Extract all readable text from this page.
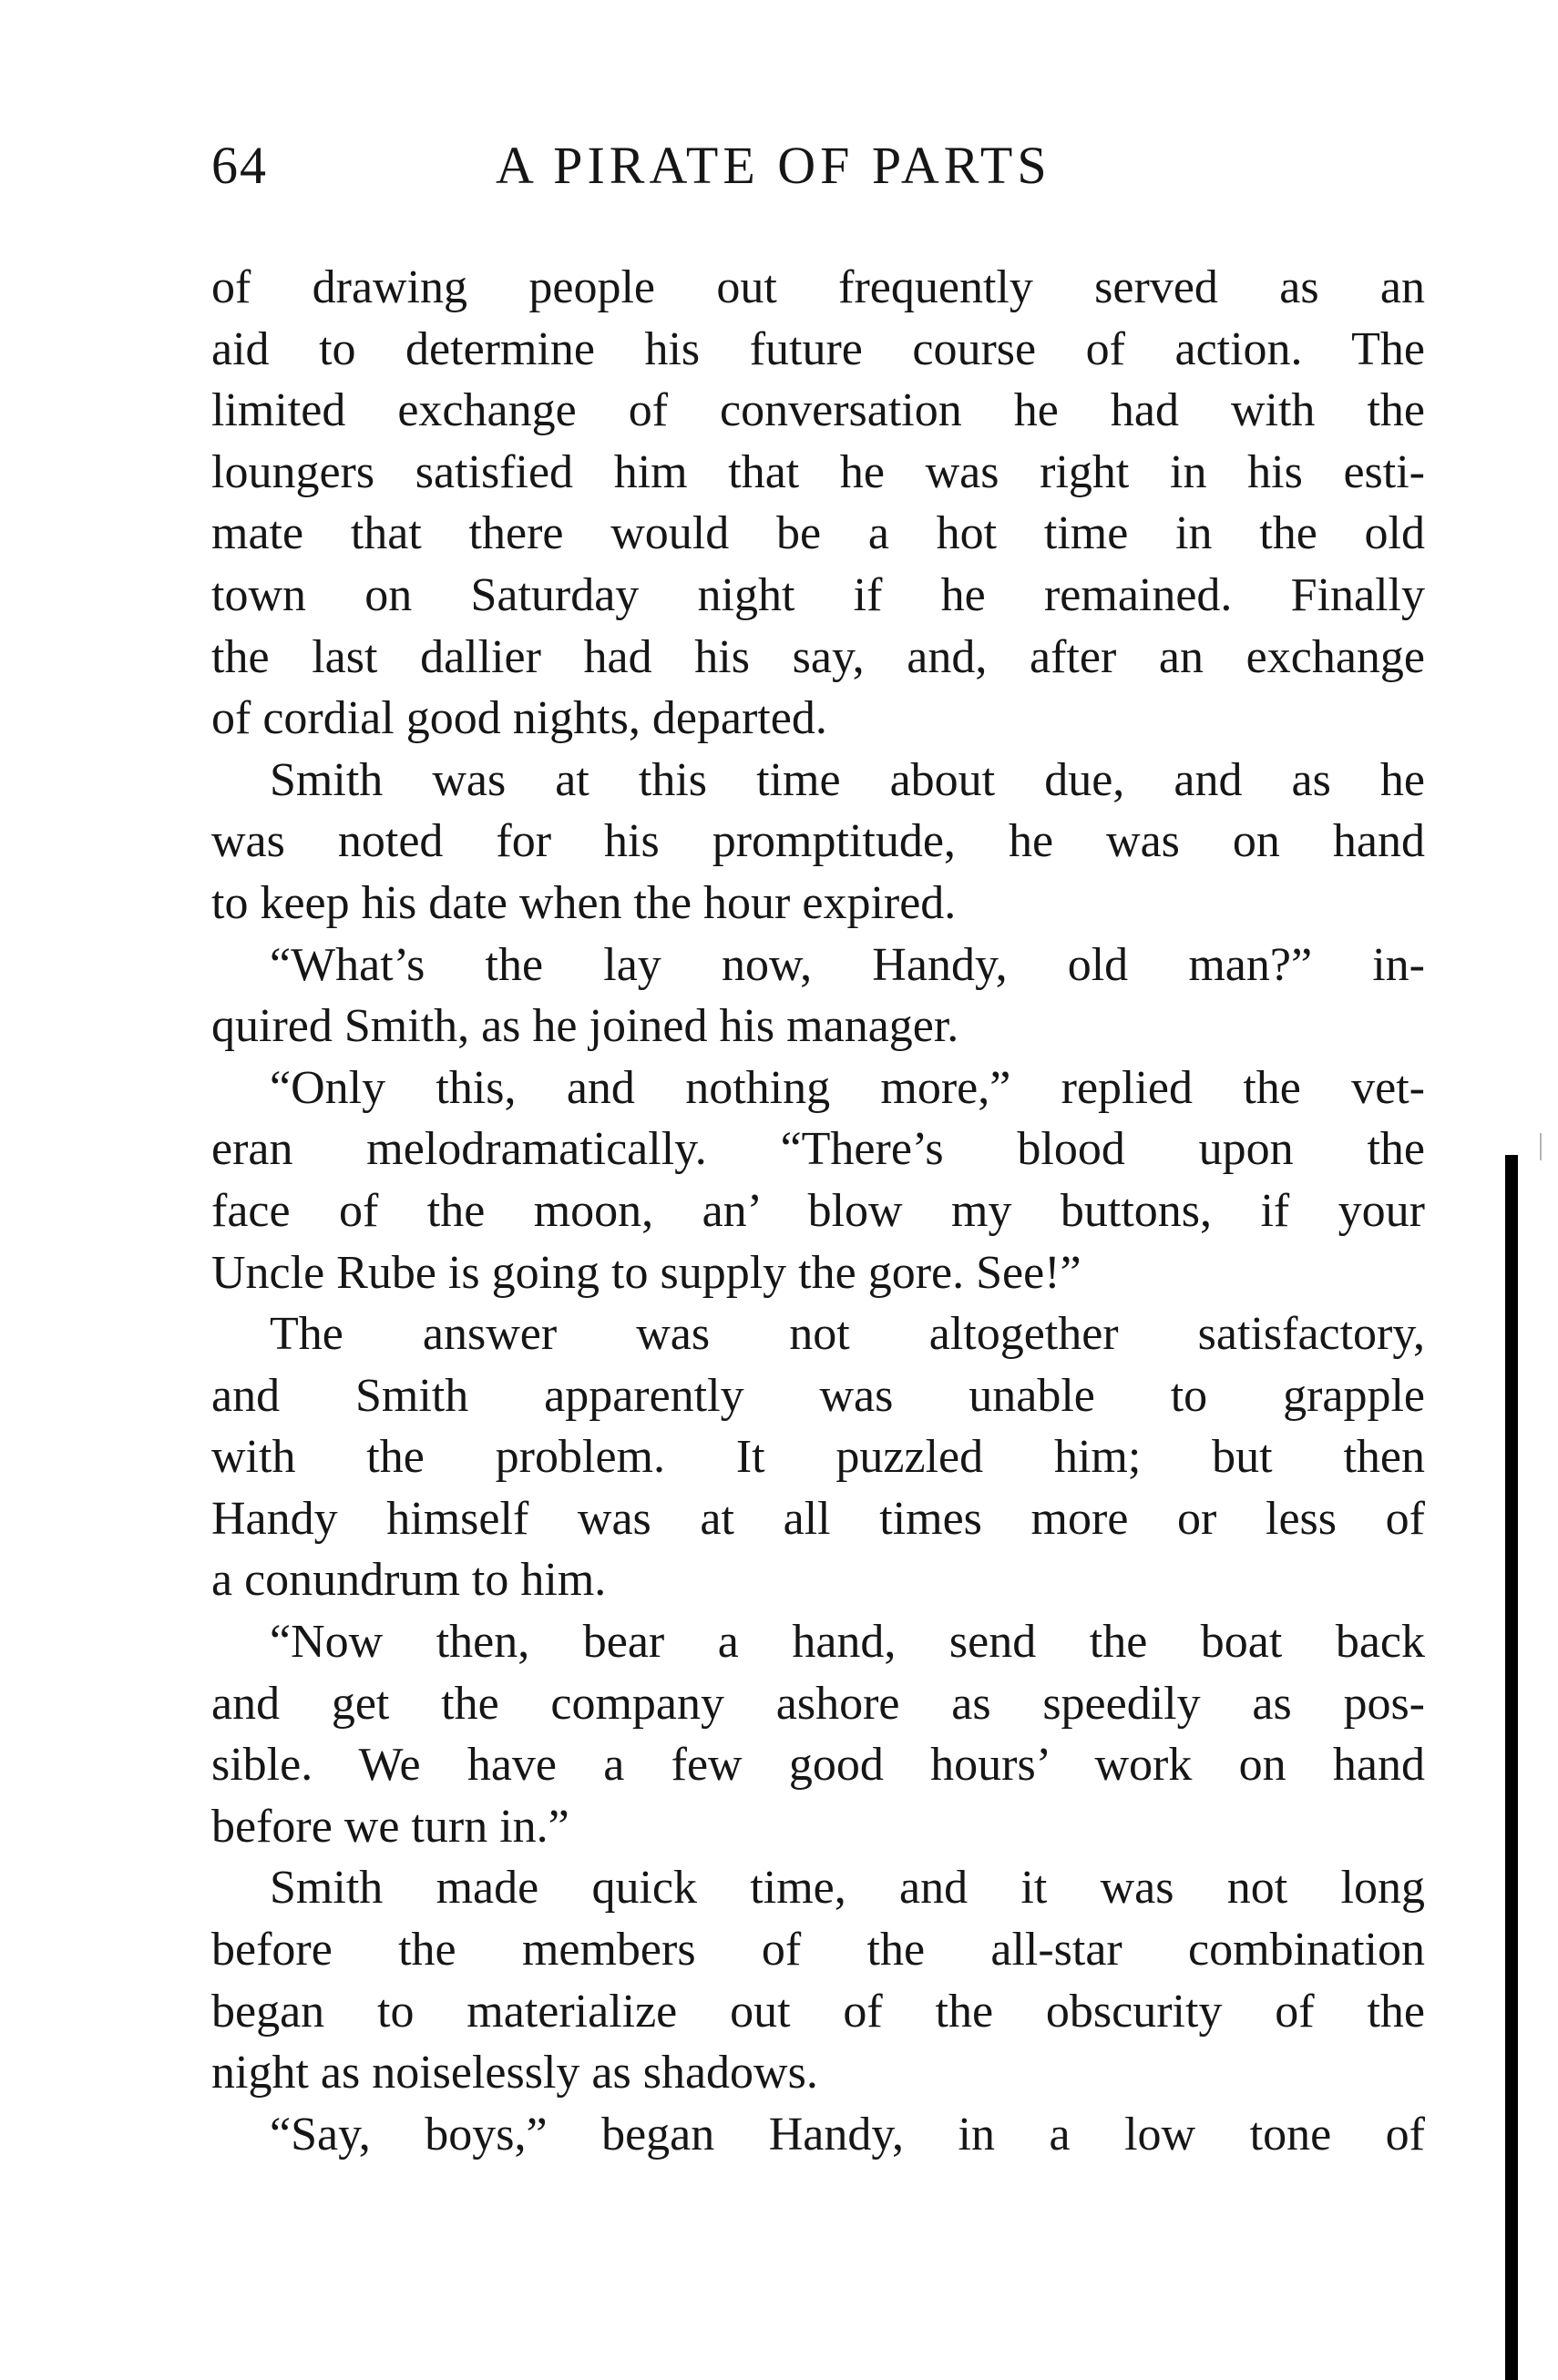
64	A PIRATE OF PARTS
of drawing people out frequently served as an
aid to determine his future course of action. The
limited exchange of conversation he had with the
loungers satisfied him that he was right in his esti-
mate that there would be a hot time in the old
town on Saturday night if he remained. Finally
the last dallier had his say, and, after an exchange
of cordial good nights, departed.
Smith was at this time about due, and as he
was noted for his promptitude, he was on hand
to keep his date when the hour expired.
“What’s the lay now, Handy, old man?” in-
quired Smith, as he joined his manager.
“Only this, and nothing more,” replied the vet-
eran melodramatically. “There’s blood upon the
face of the moon, an’ blow my buttons, if your
Uncle Rube is going to supply the gore. See!”
The answer was not altogether satisfactory,
and Smith apparently was unable to grapple
with the problem. It puzzled him; but then
Handy himself was at all times more or less of
a conundrum to him.
“Now then, bear a hand, send the boat back
and get the company ashore as speedily as pos-
sible. We have a few good hours’ work on hand
before we turn in.”
Smith made quick time, and it was not long
before the members of the all-star combination
began to materialize out of the obscurity of the
night as noiselessly as shadows.
“Say, boys,” began Handy, in a low tone of
